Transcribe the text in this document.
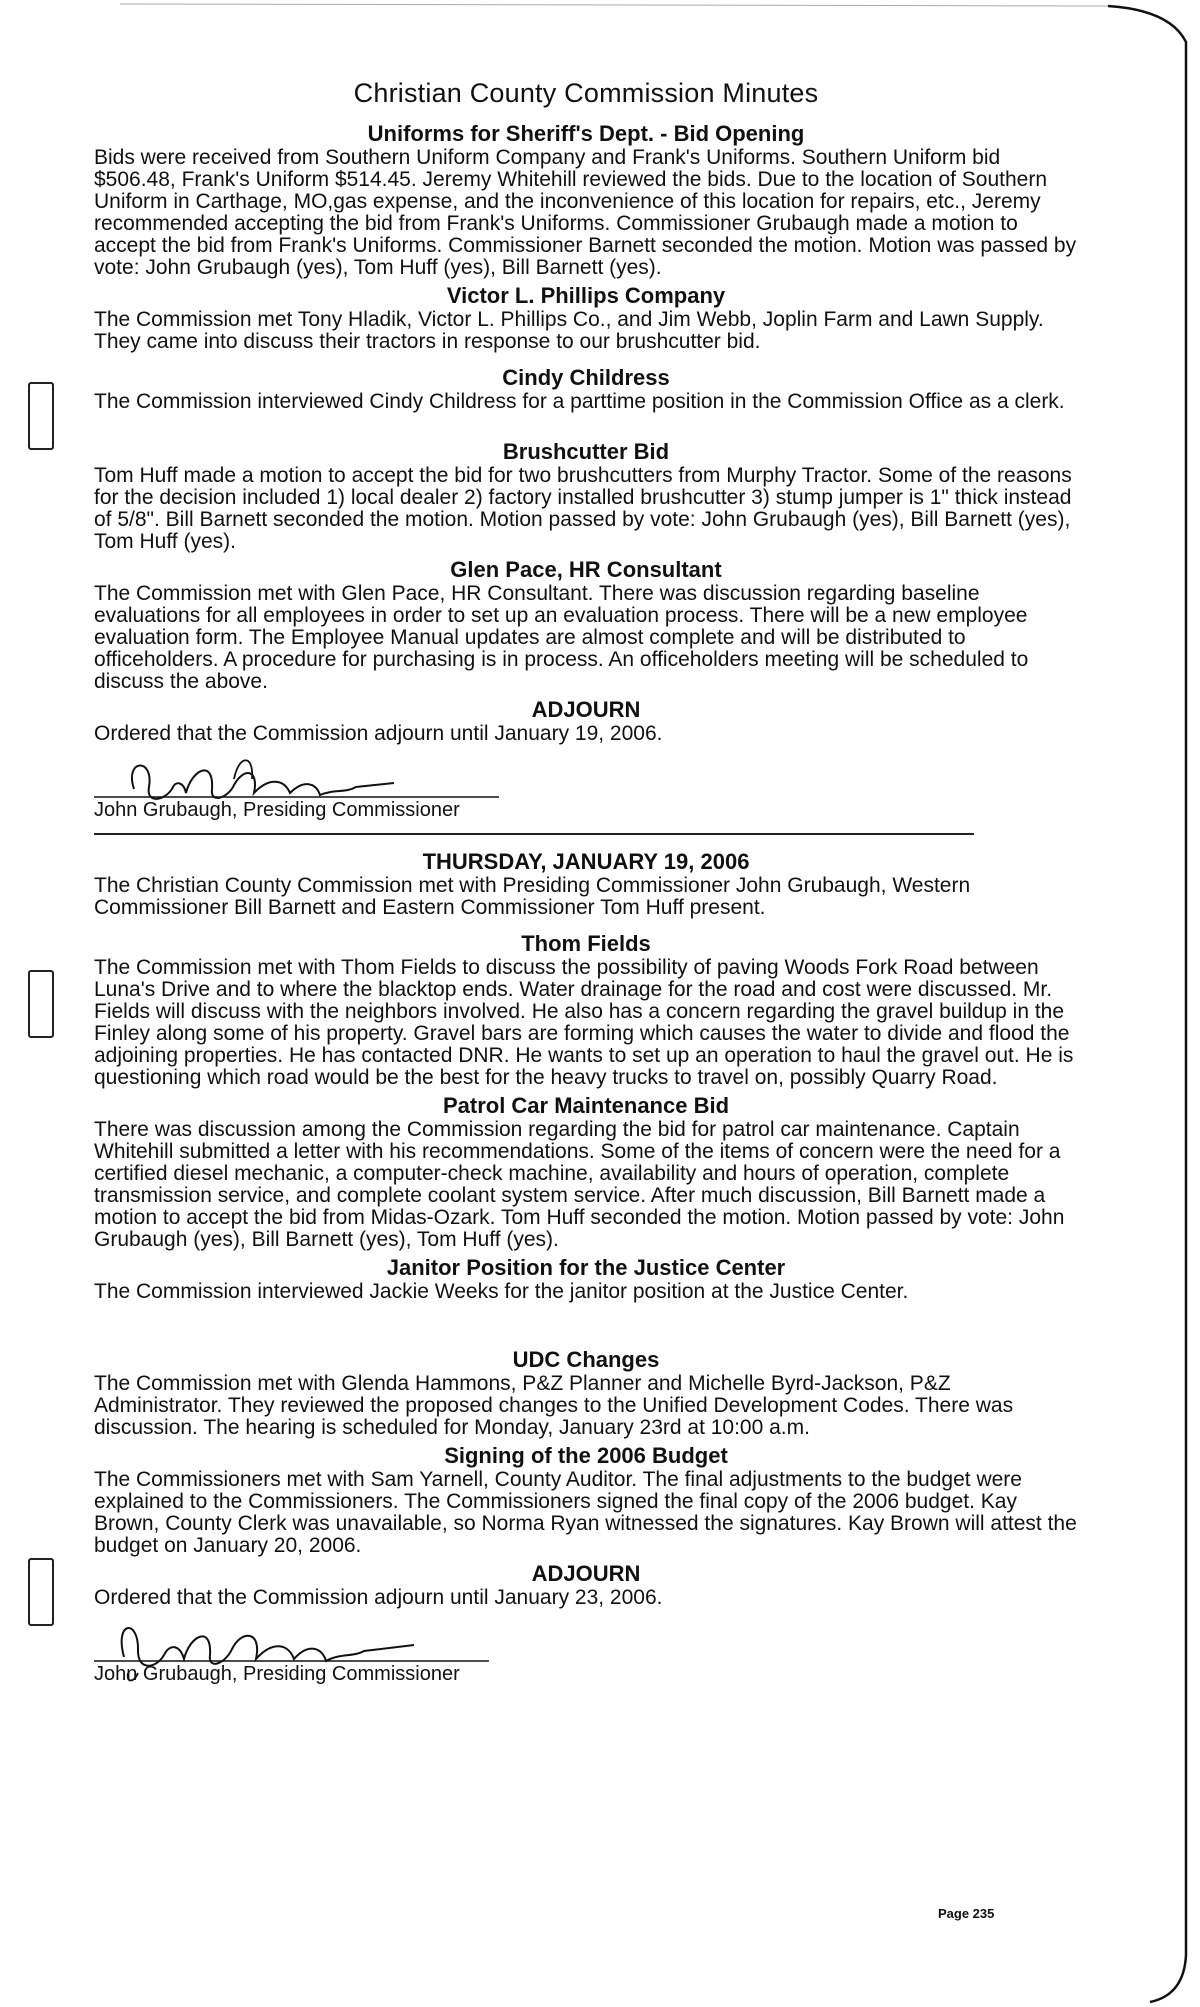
Christian County Commission Minutes
Uniforms for Sheriff's Dept. - Bid Opening
Bids were received from Southern Uniform Company and Frank's Uniforms. Southern Uniform bid $506.48, Frank's Uniform $514.45. Jeremy Whitehill reviewed the bids. Due to the location of Southern Uniform in Carthage, MO,gas expense, and the inconvenience of this location for repairs, etc., Jeremy recommended accepting the bid from Frank's Uniforms. Commissioner Grubaugh made a motion to accept the bid from Frank's Uniforms. Commissioner Barnett seconded the motion. Motion was passed by vote: John Grubaugh (yes), Tom Huff (yes), Bill Barnett (yes).
Victor L. Phillips Company
The Commission met Tony Hladik, Victor L. Phillips Co., and Jim Webb, Joplin Farm and Lawn Supply. They came into discuss their tractors in response to our brushcutter bid.
Cindy Childress
The Commission interviewed Cindy Childress for a parttime position in the Commission Office as a clerk.
Brushcutter Bid
Tom Huff made a motion to accept the bid for two brushcutters from Murphy Tractor. Some of the reasons for the decision included 1) local dealer 2) factory installed brushcutter 3) stump jumper is 1" thick instead of 5/8". Bill Barnett seconded the motion. Motion passed by vote: John Grubaugh (yes), Bill Barnett (yes), Tom Huff (yes).
Glen Pace, HR Consultant
The Commission met with Glen Pace, HR Consultant. There was discussion regarding baseline evaluations for all employees in order to set up an evaluation process. There will be a new employee evaluation form. The Employee Manual updates are almost complete and will be distributed to officeholders. A procedure for purchasing is in process. An officeholders meeting will be scheduled to discuss the above.
ADJOURN
Ordered that the Commission adjourn until January 19, 2006.
John Grubaugh, Presiding Commissioner
THURSDAY, JANUARY 19, 2006
The Christian County Commission met with Presiding Commissioner John Grubaugh, Western Commissioner Bill Barnett and Eastern Commissioner Tom Huff present.
Thom Fields
The Commission met with Thom Fields to discuss the possibility of paving Woods Fork Road between Luna's Drive and to where the blacktop ends. Water drainage for the road and cost were discussed. Mr. Fields will discuss with the neighbors involved. He also has a concern regarding the gravel buildup in the Finley along some of his property. Gravel bars are forming which causes the water to divide and flood the adjoining properties. He has contacted DNR. He wants to set up an operation to haul the gravel out. He is questioning which road would be the best for the heavy trucks to travel on, possibly Quarry Road.
Patrol Car Maintenance Bid
There was discussion among the Commission regarding the bid for patrol car maintenance. Captain Whitehill submitted a letter with his recommendations. Some of the items of concern were the need for a certified diesel mechanic, a computer-check machine, availability and hours of operation, complete transmission service, and complete coolant system service. After much discussion, Bill Barnett made a motion to accept the bid from Midas-Ozark. Tom Huff seconded the motion. Motion passed by vote: John Grubaugh (yes), Bill Barnett (yes), Tom Huff (yes).
Janitor Position for the Justice Center
The Commission interviewed Jackie Weeks for the janitor position at the Justice Center.
UDC Changes
The Commission met with Glenda Hammons, P&Z Planner and Michelle Byrd-Jackson, P&Z Administrator. They reviewed the proposed changes to the Unified Development Codes. There was discussion. The hearing is scheduled for Monday, January 23rd at 10:00 a.m.
Signing of the 2006 Budget
The Commissioners met with Sam Yarnell, County Auditor. The final adjustments to the budget were explained to the Commissioners. The Commissioners signed the final copy of the 2006 budget. Kay Brown, County Clerk was unavailable, so Norma Ryan witnessed the signatures. Kay Brown will attest the budget on January 20, 2006.
ADJOURN
Ordered that the Commission adjourn until January 23, 2006.
John Grubaugh, Presiding Commissioner
Page 235
